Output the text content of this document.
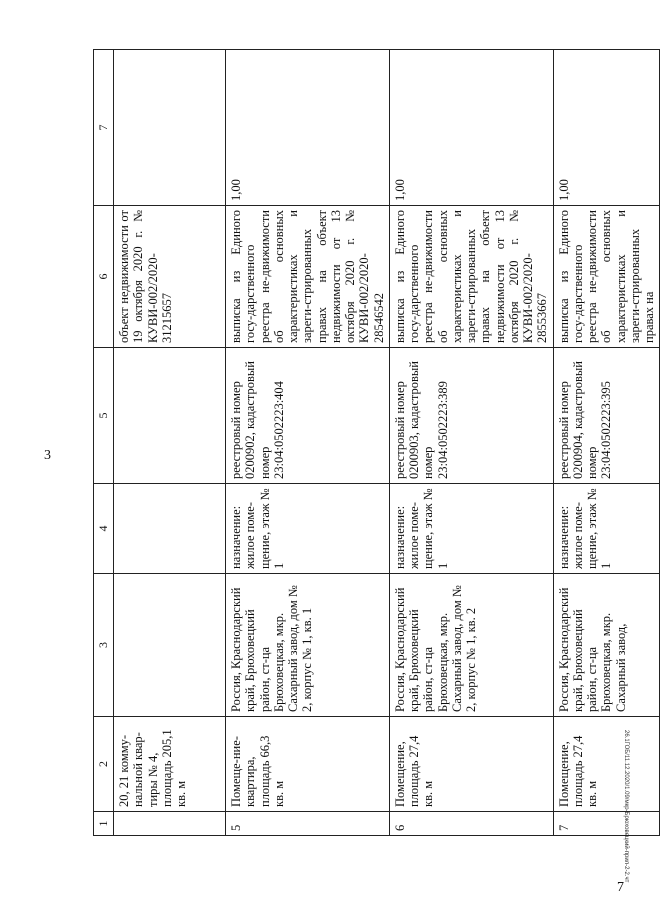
3
7
26.1ГОБ/11.12.2020/1.09/мкр-Брюховецкий-прил-2-2.чт
1	2	3	4	5	6	7
	20, 21 комму-нальной квар-тиры № 4, площадь 205,1 кв. м				объект недвижимости от 19 октября 2020 г. № КУВИ-002/2020-31215657	
5	Помеще-ние-квартира, площадь 66,3 кв. м	Россия, Краснодарский край, Брюховецкий район, ст-ца Брюховецкая, мкр. Сахарный завод, дом № 2, корпус № 1, кв. 1	назначение: жилое поме-щение, этаж № 1	реестровый номер 0200902, кадастровый номер 23:04:0502223:404	выписка из Единого госу-дарственного реестра не-движимости об основных характеристиках и зареги-стрированных правах на объект недвижимости от 13 октября 2020 г. № КУВИ-002/2020-28546542	1,00
6	Помещение, площадь 27,4 кв. м	Россия, Краснодарский край, Брюховецкий район, ст-ца Брюховецкая, мкр. Сахарный завод, дом № 2, корпус № 1, кв. 2	назначение: жилое поме-щение, этаж № 1	реестровый номер 0200903, кадастровый номер 23:04:0502223:389	выписка из Единого госу-дарственного реестра не-движимости об основных характеристиках и зареги-стрированных правах на объект недвижимости от 13 октября 2020 г. № КУВИ-002/2020-28553667	1,00
7	Помещение, площадь 27,4 кв. м	Россия, Краснодарский край, Брюховецкий район, ст-ца Брюховецкая, мкр. Сахарный завод,	назначение: жилое поме-щение, этаж № 1	реестровый номер 0200904, кадастровый номер 23:04:0502223:395	выписка из Единого госу-дарственного реестра не-движимости об основных характеристиках и зареги-стрированных правах на	1,00
